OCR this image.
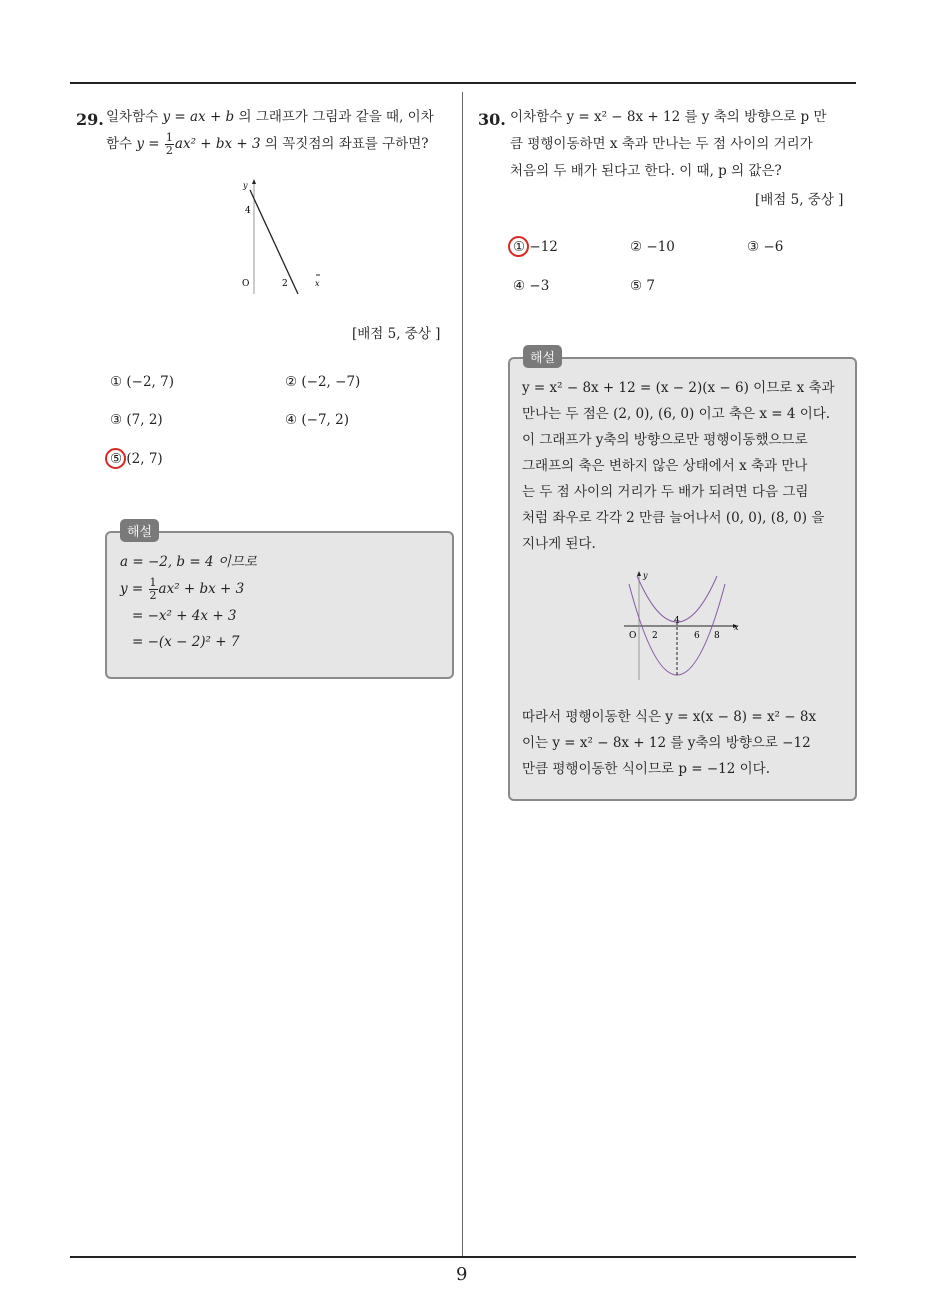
9
29. 일차함수 y = ax + b 의 그래프가 그림과 같을 때, 이차

함수 $y = \frac{1}{2} ax^2$ + bx + 3 의 꼭짓점의 좌표를 구하면?

y
x
4
O	2
[배점 5, 중상 ]
① (−2, 7)	② (−2, −7)
③ (7, 2)	④ (−7, 2)
⑤ (2, 7)
해설

a = −2, b = 4 이므로

$y = \frac{1}{2} ax^2$ + bx + 3

= −x² + 4x + 3

= −(x − 2)² + 7

30. 이차함수 y = x² − 8x + 12 를 y 축의 방향으로 p 만

큼 평행이동하면 x 축과 만나는 두 점 사이의 거리가

처음의 두 배가 된다고 한다. 이 때, p 의 값은?

[배점 5, 중상 ]
① −12	② −10	③ −6
④ −3	⑤ 7
해설

y = x² − 8x + 12 = (x − 2)(x − 6) 이므로 x 축과

만나는 두 점은 (2, 0), (6, 0) 이고 축은 x = 4 이다.

이 그래프가 y축의 방향으로만 평행이동했으므로

그래프의 축은 변하지 않은 상태에서 x 축과 만나

는 두 점 사이의 거리가 두 배가 되려면 다음 그림

처럼 좌우로 각각 2 만큼 늘어나서 (0, 0), (8, 0) 을

지나게 된다.

x
y
O 2
4
6 8

따라서 평행이동한 식은 y = x(x − 8) = x² − 8x

이는 y = x² − 8x + 12 를 y축의 방향으로 −12

만큼 평행이동한 식이므로 p = −12 이다.
